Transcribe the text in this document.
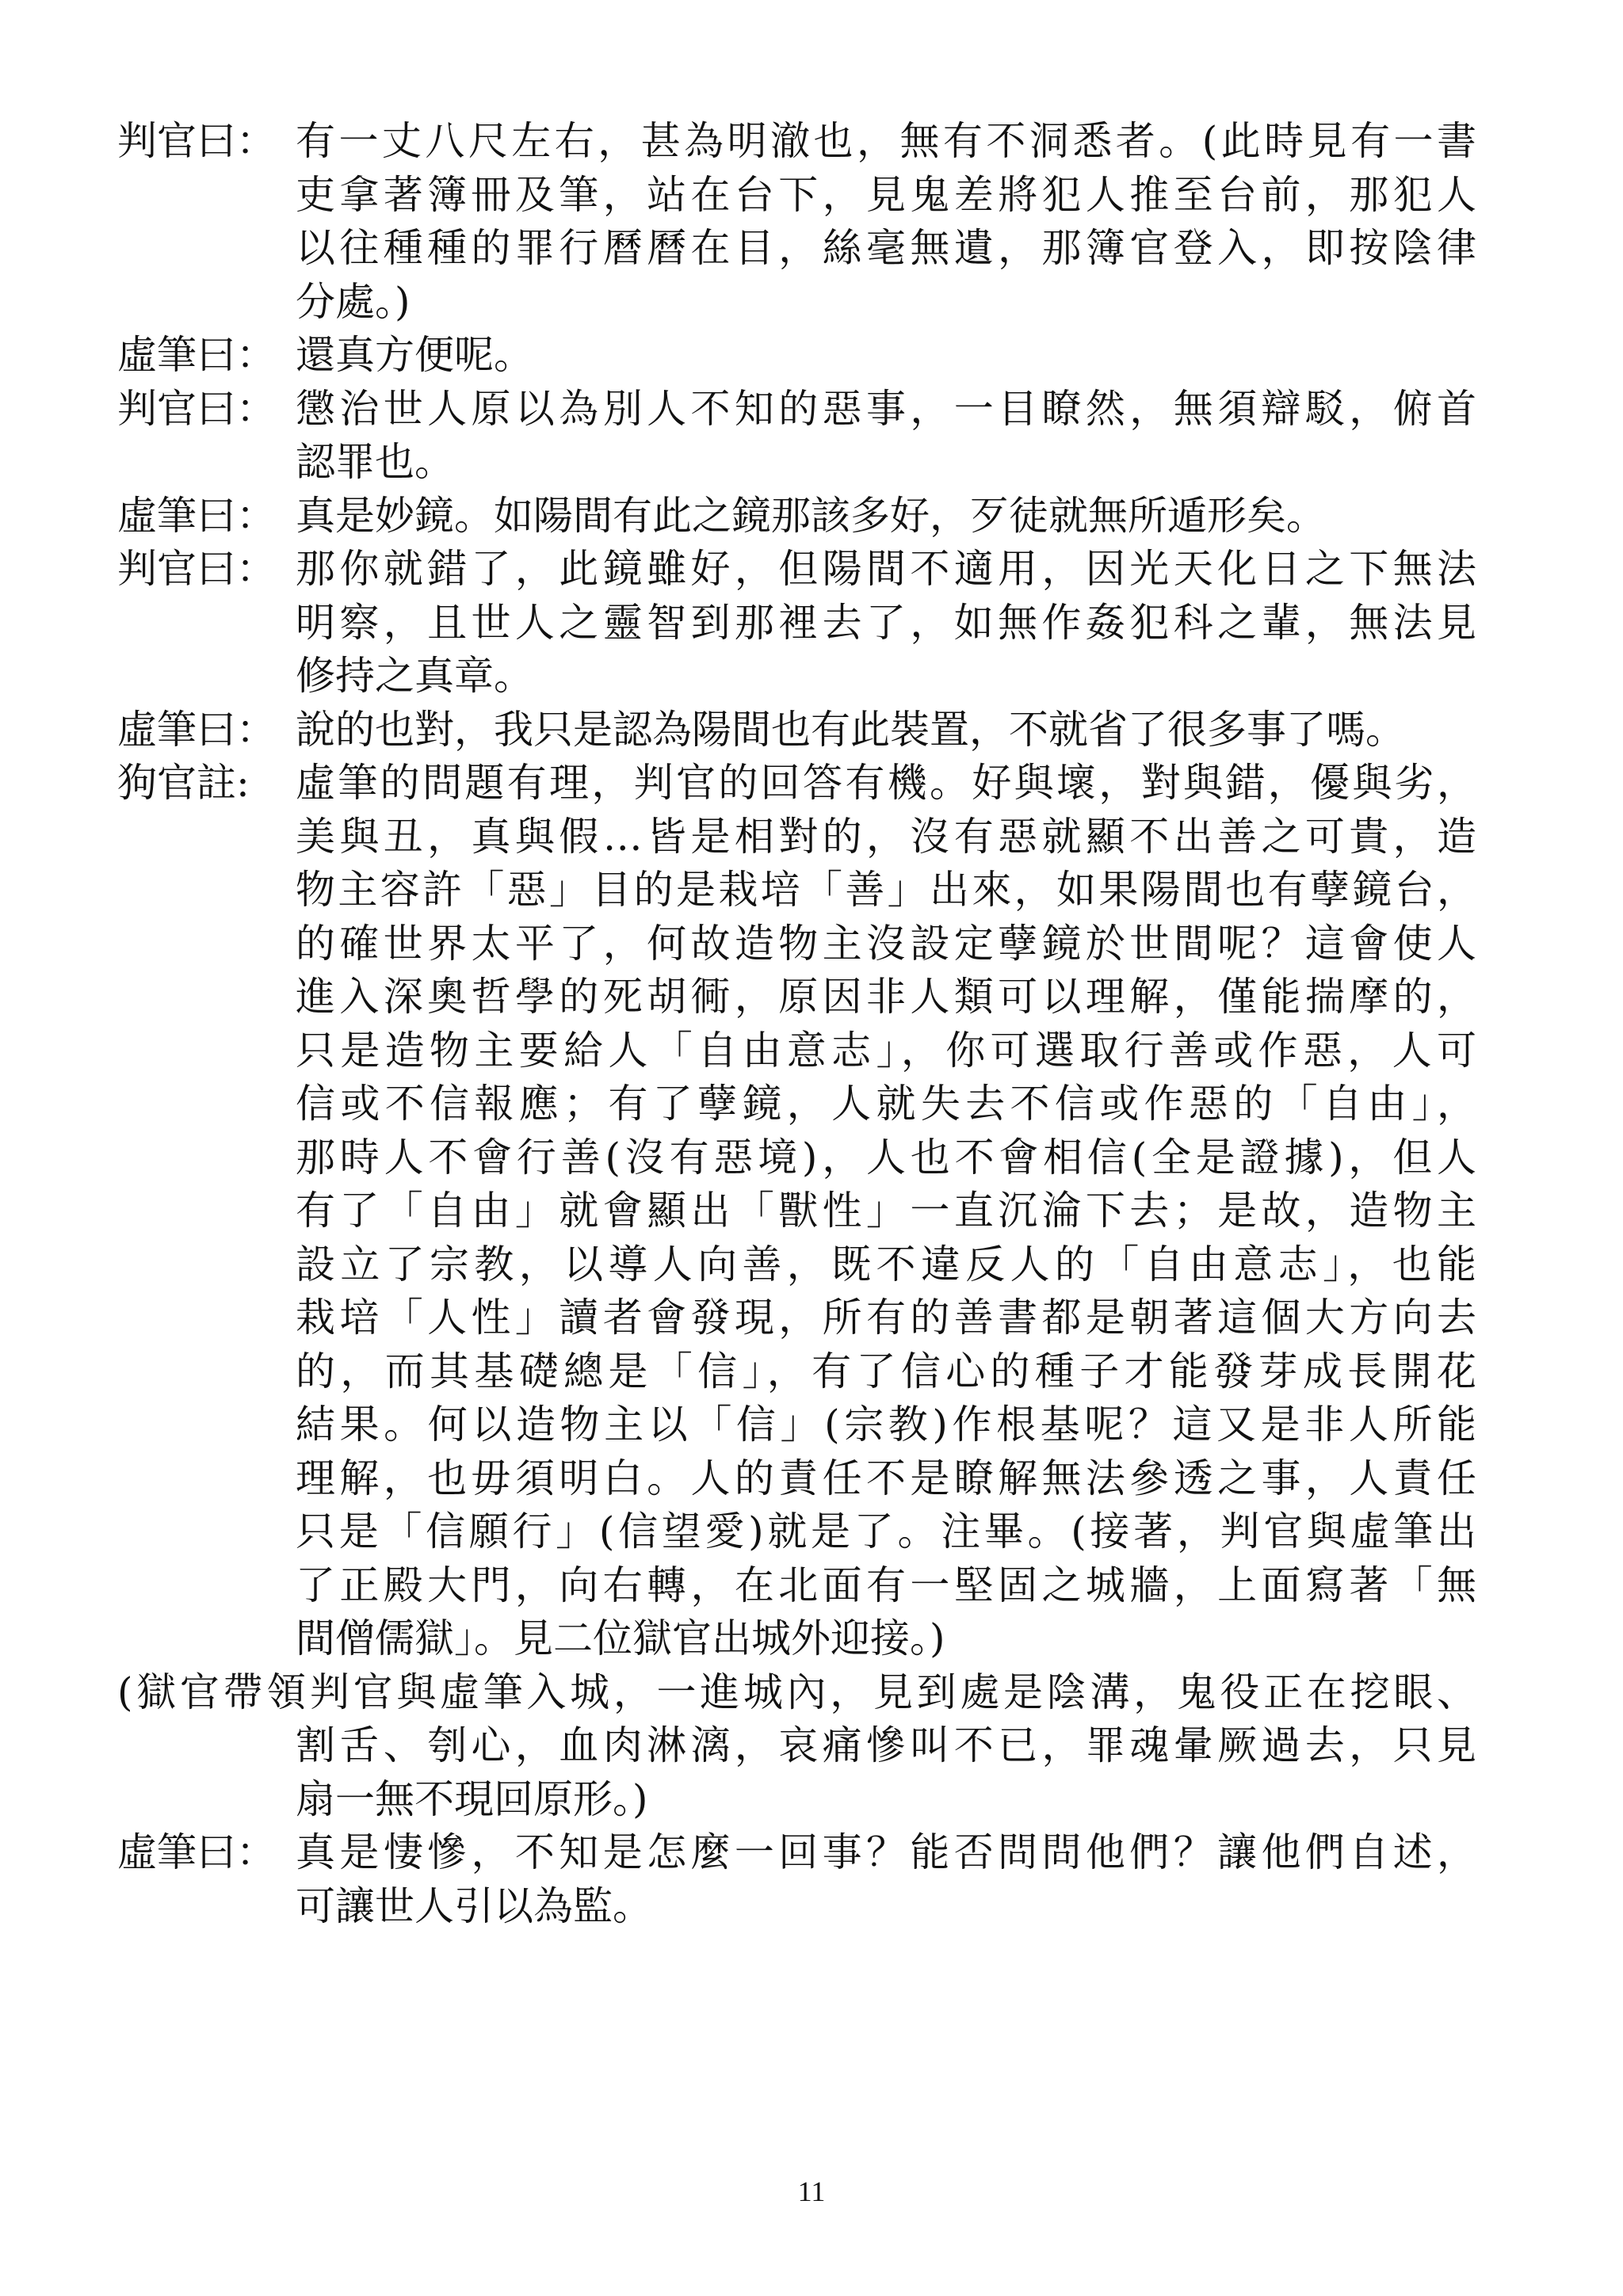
判官曰： 有一丈八尺左右，甚為明澈也，無有不洞悉者。(此時見有一書
吏拿著簿冊及筆，站在台下，見鬼差將犯人推至台前，那犯人
以往種種的罪行曆曆在目，絲毫無遺，那簿官登入，即按陰律
分處。)
虛筆曰： 還真方便呢。
判官曰： 懲治世人原以為別人不知的惡事，一目瞭然，無須辯駁，俯首
認罪也。
虛筆曰： 真是妙鏡。如陽間有此之鏡那該多好，歹徒就無所遁形矣。
判官曰： 那你就錯了，此鏡雖好，但陽間不適用，因光天化日之下無法
明察，且世人之靈智到那裡去了，如無作姦犯科之輩，無法見
修持之真章。
虛筆曰： 說的也對，我只是認為陽間也有此裝置，不就省了很多事了嗎。
狗官註:	虛筆的問題有理，判官的回答有機。好與壞，對與錯，優與劣，
美與丑，真與假…皆是相對的，沒有惡就顯不出善之可貴，造
物主容許「惡」目的是栽培「善」出來，如果陽間也有孽鏡台，
的確世界太平了，何故造物主沒設定孽鏡於世間呢？這會使人
進入深奧哲學的死胡衕，原因非人類可以理解，僅能揣摩的，
只是造物主要給人「自由意志」，你可選取行善或作惡，人可
信或不信報應；有了孽鏡，人就失去不信或作惡的「自由」，
那時人不會行善(沒有惡境)，人也不會相信(全是證據)，但人
有了「自由」就會顯出「獸性」一直沉淪下去；是故，造物主
設立了宗教，以導人向善，既不違反人的「自由意志」，也能
栽培「人性」讀者會發現，所有的善書都是朝著這個大方向去
的，而其基礎總是「信」，有了信心的種子才能發芽成長開花
結果。何以造物主以「信」(宗教)作根基呢？這又是非人所能
理解，也毋須明白。人的責任不是瞭解無法參透之事，人責任
只是「信願行」(信望愛)就是了。注畢。(接著，判官與虛筆出
了正殿大門，向右轉，在北面有一堅固之城牆，上面寫著「無
間僧儒獄」。見二位獄官出城外迎接。)
(獄官帶領判官與虛筆入城，一進城內，見到處是陰溝，鬼役正在挖眼、
割舌、刳心，血肉淋漓，哀痛慘叫不已，罪魂暈厥過去，只見
扇一無不現回原形。)
虛筆曰： 真是悽慘，不知是怎麼一回事？能否問問他們？讓他們自述，
可讓世人引以為監。
11
